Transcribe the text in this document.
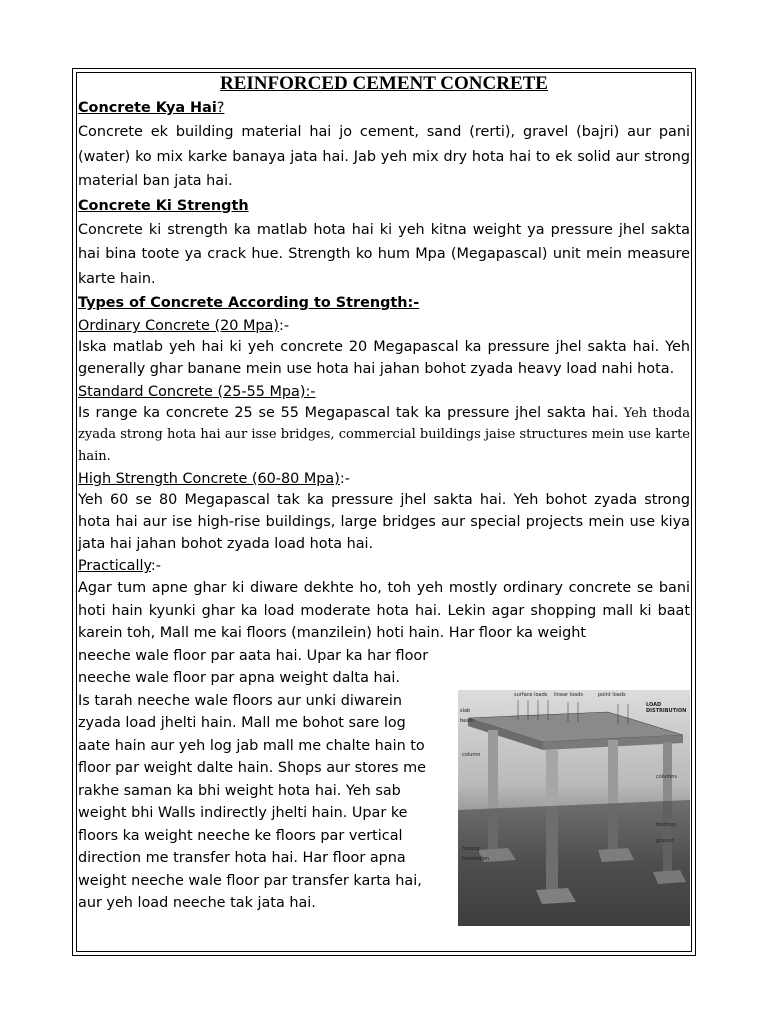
REINFORCED CEMENT CONCRETE
Concrete Kya Hai?

Concrete ek building material hai jo cement, sand (rerti), gravel (bajri) aur pani (water) ko mix karke banaya jata hai. Jab yeh mix dry hota hai to ek solid aur strong material ban jata hai.

Concrete Ki Strength

Concrete ki strength ka matlab hota hai ki yeh kitna weight ya pressure jhel sakta hai bina toote ya crack hue. Strength ko hum Mpa (Megapascal) unit mein measure karte hain.

Types of Concrete According to Strength:-
Ordinary Concrete (20 Mpa):-

Iska matlab yeh hai ki yeh concrete 20 Megapascal ka pressure jhel sakta hai. Yeh generally ghar banane mein use hota hai jahan bohot zyada heavy load nahi hota.

Standard Concrete (25-55 Mpa):-

Is range ka concrete 25 se 55 Megapascal tak ka pressure jhel sakta hai. Yeh thoda zyada strong hota hai aur isse bridges, commercial buildings jaise structures mein use karte hain.

High Strength Concrete (60-80 Mpa):-

Yeh 60 se 80 Megapascal tak ka pressure jhel sakta hai. Yeh bohot zyada strong hota hai aur ise high-rise buildings, large bridges aur special projects mein use kiya jata hai jahan bohot zyada load hota hai.

Practically:-

Agar tum apne ghar ki diware dekhte ho, toh yeh mostly ordinary concrete se bani hoti hain kyunki ghar ka load moderate hota hai. Lekin agar shopping mall ki baat karein toh, Mall me kai floors (manzilein) hoti hain. Har floor ka weight

neeche wale floor par aata hai. Upar ka har floor
neeche wale floor par apna weight dalta hai.
Is tarah neeche wale floors aur unki diwarein
zyada load jhelti hain. Mall me bohot sare log
aate hain aur yeh log jab mall me chalte hain to
floor par weight dalte hain. Shops aur stores me
rakhe saman ka bhi weight hota hai. Yeh sab
weight bhi Walls indirectly jhelti hain. Upar ke
floors ka weight neeche ke floors par vertical
direction me transfer hota hai. Har floor apna
weight neeche wale floor par transfer karta hai,
aur yeh load neeche tak jata hai.
surface loads linear loads	point loads
LOAD DISTRIBUTION
slab
beam
column
footing
foundation
columns
footings
ground
